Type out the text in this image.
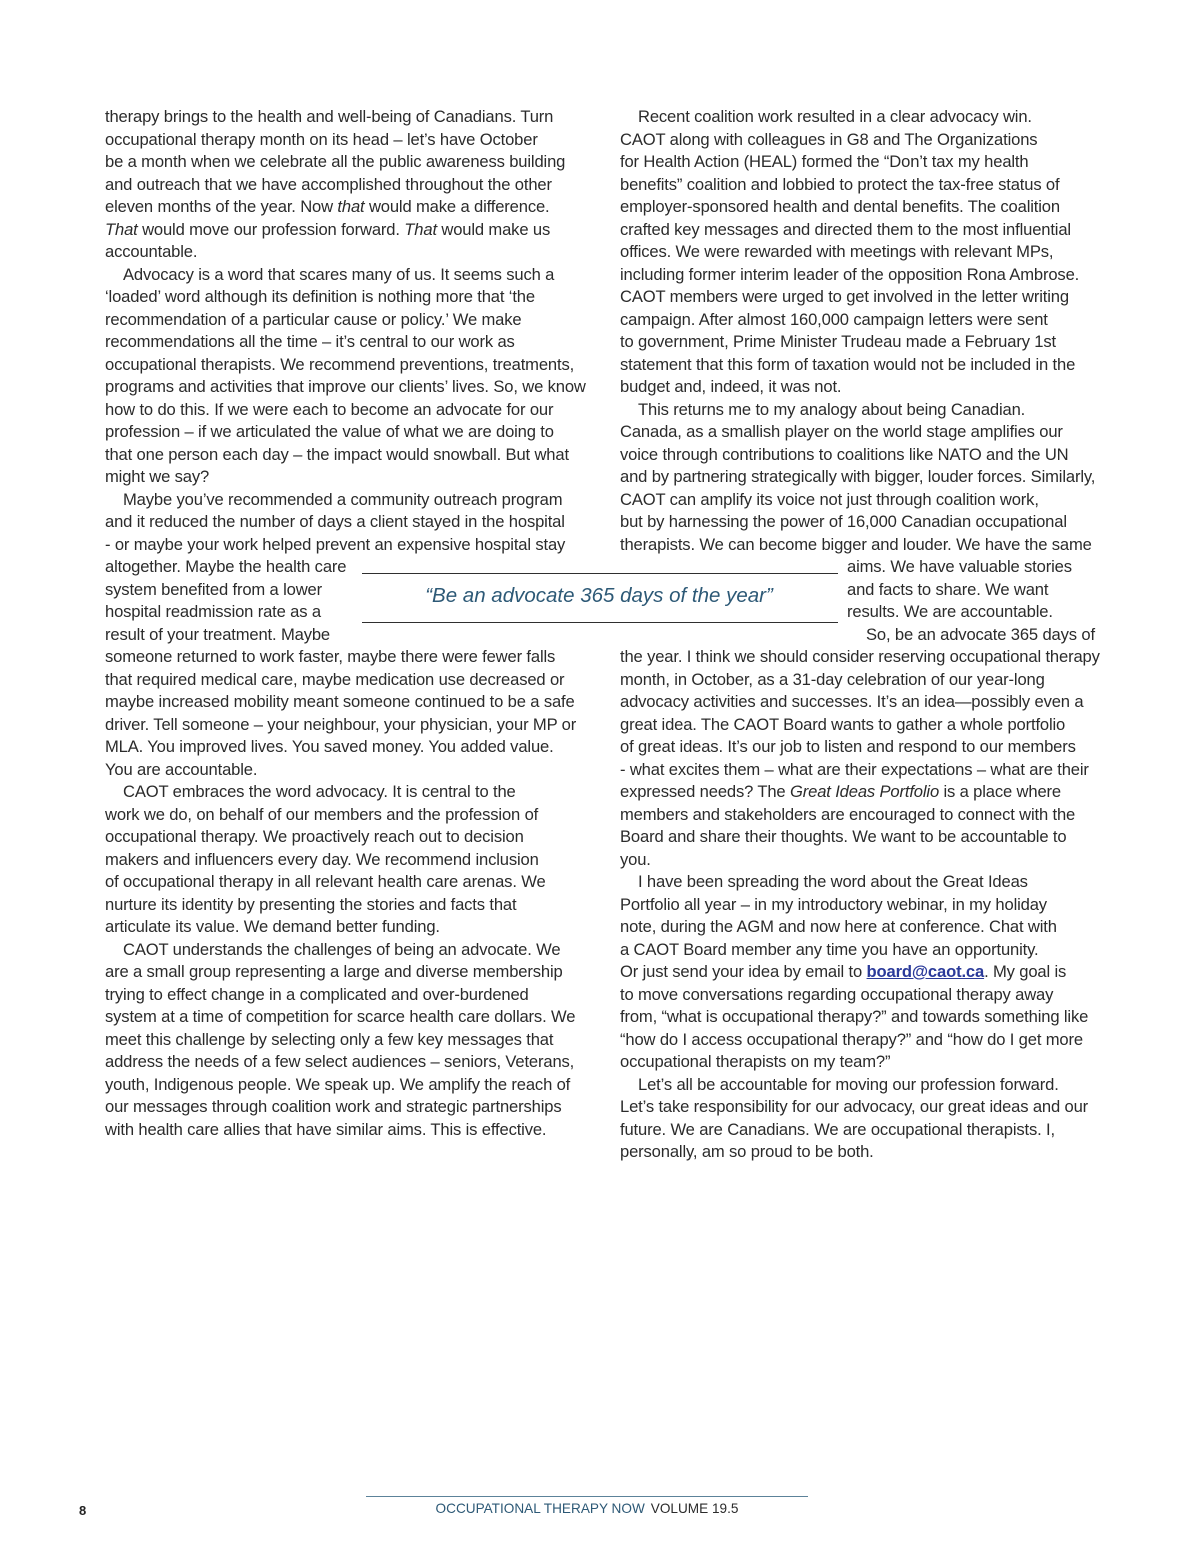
therapy brings to the health and well-being of Canadians. Turn
occupational therapy month on its head – let’s have October
be a month when we celebrate all the public awareness building
and outreach that we have accomplished throughout the other
eleven months of the year. Now that would make a difference.
That would move our profession forward. That would make us
accountable.
Advocacy is a word that scares many of us. It seems such a
‘loaded’ word although its definition is nothing more that ‘the
recommendation of a particular cause or policy.’ We make
recommendations all the time – it’s central to our work as
occupational therapists. We recommend preventions, treatments,
programs and activities that improve our clients’ lives. So, we know
how to do this. If we were each to become an advocate for our
profession – if we articulated the value of what we are doing to
that one person each day – the impact would snowball. But what
might we say?
Maybe you’ve recommended a community outreach program
and it reduced the number of days a client stayed in the hospital
- or maybe your work helped prevent an expensive hospital stay
altogether. Maybe the health care
system benefited from a lower
hospital readmission rate as a
result of your treatment. Maybe
someone returned to work faster, maybe there were fewer falls
that required medical care, maybe medication use decreased or
maybe increased mobility meant someone continued to be a safe
driver. Tell someone – your neighbour, your physician, your MP or
MLA. You improved lives. You saved money. You added value.
You are accountable.
CAOT embraces the word advocacy. It is central to the
work we do, on behalf of our members and the profession of
occupational therapy. We proactively reach out to decision
makers and influencers every day. We recommend inclusion
of occupational therapy in all relevant health care arenas. We
nurture its identity by presenting the stories and facts that
articulate its value. We demand better funding.
CAOT understands the challenges of being an advocate. We
are a small group representing a large and diverse membership
trying to effect change in a complicated and over-burdened
system at a time of competition for scarce health care dollars. We
meet this challenge by selecting only a few key messages that
address the needs of a few select audiences – seniors, Veterans,
youth, Indigenous people. We speak up. We amplify the reach of
our messages through coalition work and strategic partnerships
with health care allies that have similar aims. This is effective.
Recent coalition work resulted in a clear advocacy win.
CAOT along with colleagues in G8 and The Organizations
for Health Action (HEAL) formed the “Don’t tax my health
benefits” coalition and lobbied to protect the tax-free status of
employer-sponsored health and dental benefits. The coalition
crafted key messages and directed them to the most influential
offices. We were rewarded with meetings with relevant MPs,
including former interim leader of the opposition Rona Ambrose.
CAOT members were urged to get involved in the letter writing
campaign. After almost 160,000 campaign letters were sent
to government, Prime Minister Trudeau made a February 1st
statement that this form of taxation would not be included in the
budget and, indeed, it was not.
This returns me to my analogy about being Canadian.
Canada, as a smallish player on the world stage amplifies our
voice through contributions to coalitions like NATO and the UN
and by partnering strategically with bigger, louder forces. Similarly,
CAOT can amplify its voice not just through coalition work,
but by harnessing the power of 16,000 Canadian occupational
therapists. We can become bigger and louder. We have the same
aims. We have valuable stories
and facts to share. We want
results. We are accountable.
So, be an advocate 365 days of
the year. I think we should consider reserving occupational therapy
month, in October, as a 31-day celebration of our year-long
advocacy activities and successes. It’s an idea—possibly even a
great idea. The CAOT Board wants to gather a whole portfolio
of great ideas. It’s our job to listen and respond to our members
- what excites them – what are their expectations – what are their
expressed needs? The Great Ideas Portfolio is a place where
members and stakeholders are encouraged to connect with the
Board and share their thoughts. We want to be accountable to
you.
I have been spreading the word about the Great Ideas
Portfolio all year – in my introductory webinar, in my holiday
note, during the AGM and now here at conference. Chat with
a CAOT Board member any time you have an opportunity.
Or just send your idea by email to board@caot.ca. My goal is
to move conversations regarding occupational therapy away
from, “what is occupational therapy?” and towards something like
“how do I access occupational therapy?” and “how do I get more
occupational therapists on my team?”
Let’s all be accountable for moving our profession forward.
Let’s take responsibility for our advocacy, our great ideas and our
future. We are Canadians. We are occupational therapists. I,
personally, am so proud to be both.
“Be an advocate 365 days of the year”
8	OCCUPATIONAL THERAPY NOW VOLUME 19.5
